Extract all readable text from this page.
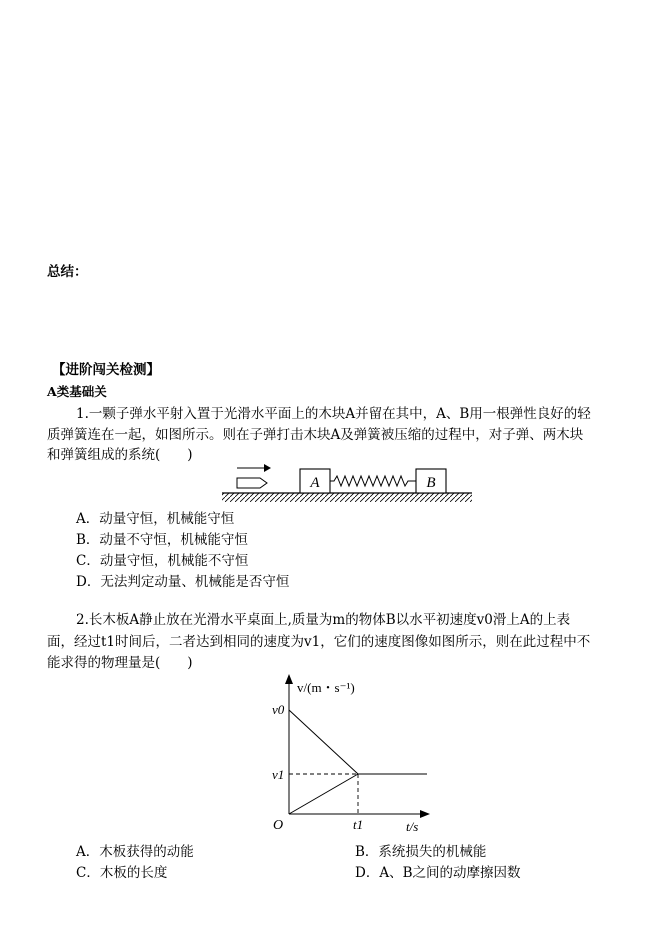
总结：
【进阶闯关检测】
A类基础关
1.一颗子弹水平射入置于光滑水平面上的木块A并留在其中，A、B用一根弹性良好的轻
质弹簧连在一起，如图所示。则在子弹打击木块A及弹簧被压缩的过程中，对子弹、两木块
和弹簧组成的系统(　　)
A	B
A．动量守恒，机械能守恒
B．动量不守恒，机械能守恒
C．动量守恒，机械能不守恒
D．无法判定动量、机械能是否守恒
2.长木板A静止放在光滑水平桌面上,质量为m的物体B以水平初速度v0滑上A的上表
面，经过t1时间后，二者达到相同的速度为v1，它们的速度图像如图所示，则在此过程中不
能求得的物理量是(　　)
v/(m・s⁻¹)
t/s
O
v0
v1
t1
A．木板获得的动能	B．系统损失的机械能
C．木板的长度	D．A、B之间的动摩擦因数
